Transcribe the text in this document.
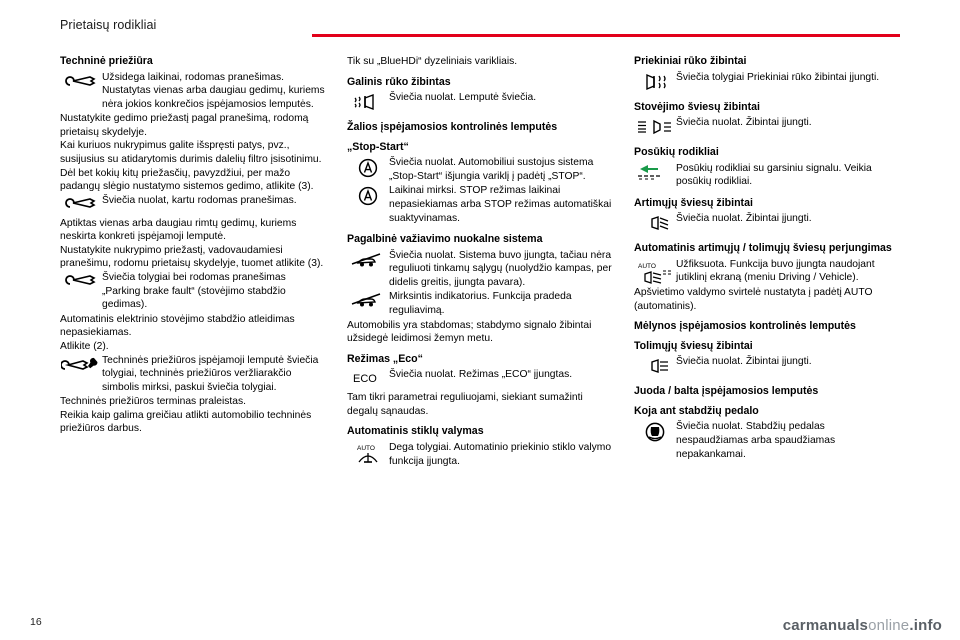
Prietaisų rodikliai
Techninė priežiūra
Užsidega laikinai, rodomas pranešimas. Nustatytas vienas arba daugiau gedimų, kuriems nėra jokios konkrečios įspėjamosios lemputės.

Nustatykite gedimo priežastį pagal pranešimą, rodomą prietaisų skydelyje.

Kai kuriuos nukrypimus galite išspręsti patys, pvz., susijusius su atidarytomis durimis dalelių filtro įsisotinimu.

Dėl bet kokių kitų priežasčių, pavyzdžiui, per mažo padangų slėgio nustatymo sistemos gedimo, atlikite (3).

Šviečia nuolat, kartu rodomas pranešimas.

Aptiktas vienas arba daugiau rimtų gedimų, kuriems neskirta konkreti įspėjamoji lemputė.

Nustatykite nukrypimo priežastį, vadovaudamiesi pranešimu, rodomu prietaisų skydelyje, tuomet atlikite (3).

Šviečia tolygiai bei rodomas pranešimas „Parking brake fault“ (stovėjimo stabdžio gedimas).

Automatinis elektrinio stovėjimo stabdžio atleidimas nepasiekiamas.

Atlikite (2).

Techninės priežiūros įspėjamoji lemputė šviečia tolygiai, techninės priežiūros veržliarakčio simbolis mirksi, paskui šviečia tolygiai.

Techninės priežiūros terminas praleistas.

Reikia kaip galima greičiau atlikti automobilio techninės priežiūros darbus.

Tik su „BlueHDi“ dyzeliniais varikliais.

Galinis rūko žibintas
Šviečia nuolat. Lemputė šviečia.
Žalios įspėjamosios kontrolinės lemputės
„Stop-Start“
Šviečia nuolat. Automobiliui sustojus sistema „Stop-Start“ išjungia variklį į padėtį „STOP“.
Laikinai mirksi. STOP režimas laikinai nepasiekiamas arba STOP režimas automatiškai suaktyvinamas.
Pagalbinė važiavimo nuokalne sistema
Šviečia nuolat. Sistema buvo įjungta, tačiau nėra reguliuoti tinkamų sąlygų (nuolydžio kampas, per didelis greitis, įjungta pavara).
Mirksintis indikatorius. Funkcija pradeda reguliavimą.

Automobilis yra stabdomas; stabdymo signalo žibintai užsidegė leidimosi žemyn metu.

Režimas „Eco“
ECO Šviečia nuolat. Režimas „ECO“ įjungtas.

Tam tikri parametrai reguliuojami, siekiant sumažinti degalų sąnaudas.

Automatinis stiklų valymas
AUTO Dega tolygiai. Automatinio priekinio stiklo valymo funkcija įjungta.
Priekiniai rūko žibintai
Šviečia tolygiai Priekiniai rūko žibintai įjungti.
Stovėjimo šviesų žibintai
Šviečia nuolat. Žibintai įjungti.
Posūkių rodikliai
Posūkių rodikliai su garsiniu signalu. Veikia posūkių rodikliai.
Artimųjų šviesų žibintai
Šviečia nuolat. Žibintai įjungti.
Automatinis artimųjų / tolimųjų šviesų perjungimas
AUTO Užfiksuota. Funkcija buvo įjungta naudojant jutiklinį ekraną (meniu Driving / Vehicle).

Apšvietimo valdymo svirtelė nustatyta į padėtį AUTO (automatinis).

Mėlynos įspėjamosios kontrolinės lemputės
Tolimųjų šviesų žibintai
Šviečia nuolat. Žibintai įjungti.
Juoda / balta įspėjamosios lemputės
Koja ant stabdžių pedalo
Šviečia nuolat. Stabdžių pedalas nespaudžiamas arba spaudžiamas nepakankamai.
16	carmanualsonline.info
